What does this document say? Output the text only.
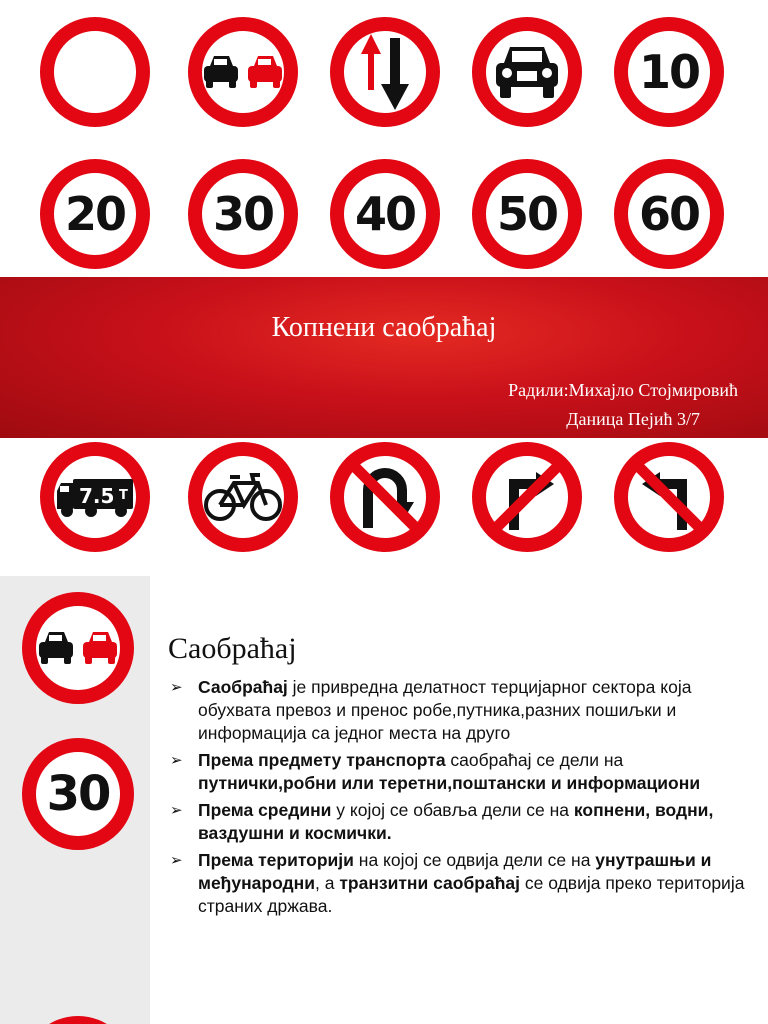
10
20 30 40 50 60
Копнени саобраћај
Радили:Михајло Стојмировић
Даница Пејић 3/7
7.5 T
30
Саобраћај
➢ Саобраћај је привредна делатност терцијарног сектора која обухвата превоз и пренос робе,путника,разних пошиљки и информација са једног места на друго
➢ Према предмету транспорта саобраћај се дели на путнички,робни или теретни,поштански и информациони
➢ Према средини у којој се обавља дели се на копнени, водни, ваздушни и космички.
➢ Према територији на којој се одвија дели се на унутрашњи и међународни, а транзитни саобраћај се одвија преко територија страних држава.
